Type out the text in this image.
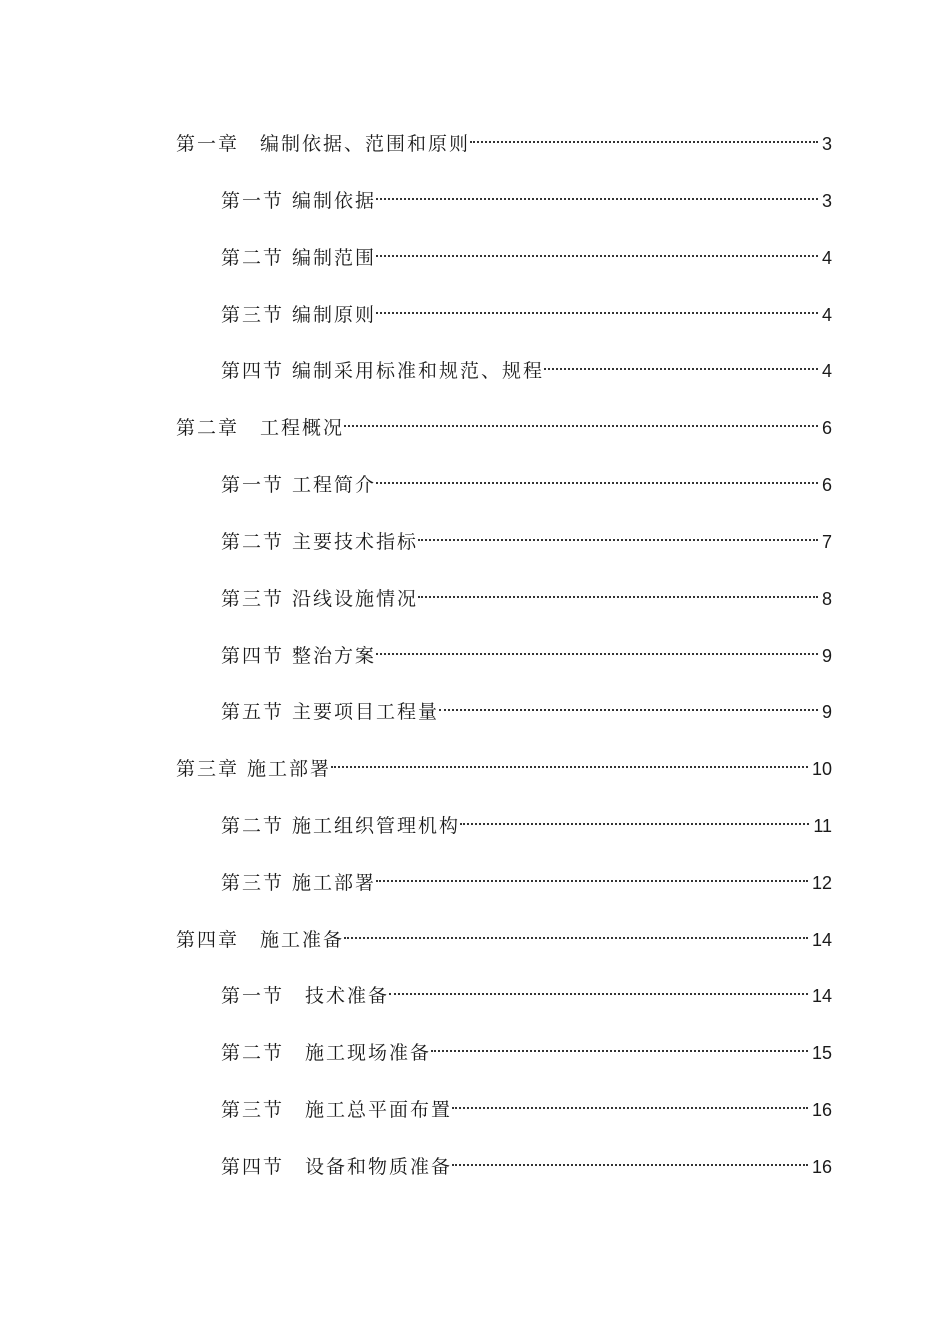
第一章　编制依据、范围和原则	3
第一节 编制依据	3
第二节 编制范围	4
第三节 编制原则	4
第四节 编制采用标准和规范、规程	4
第二章　工程概况	6
第一节 工程简介	6
第二节 主要技术指标	7
第三节 沿线设施情况	8
第四节 整治方案	9
第五节 主要项目工程量	9
第三章 施工部署	10
第二节 施工组织管理机构	11
第三节 施工部署	12
第四章　施工准备	14
第一节　技术准备	14
第二节　施工现场准备	15
第三节　施工总平面布置	16
第四节　设备和物质准备	16
